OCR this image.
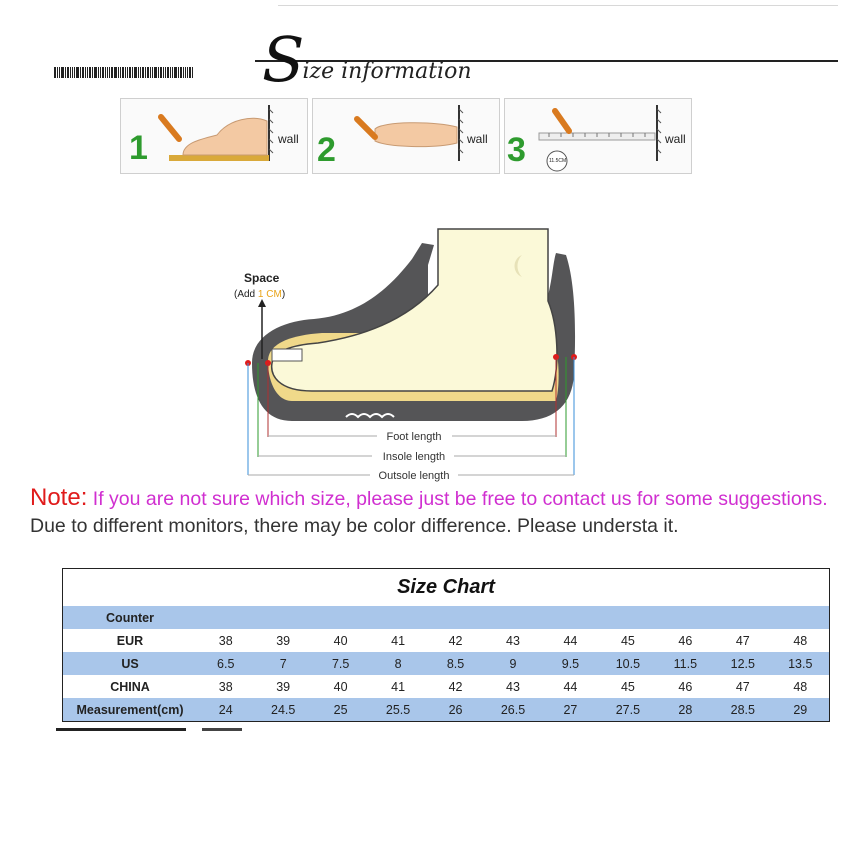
S
ize information
1	wall 2	wall 3	11.5CM
wall
Space
(Add 1 CM)
Foot length
Insole length
Outsole length
Note: If you are not sure which size, please just be free to contact us for some suggestions. Due to different monitors, there may be color difference. Please understa it.
Size Chart
Counter											
EUR	38	39	40	41	42	43	44	45	46	47	48
US	6.5	7	7.5	8	8.5	9	9.5	10.5	11.5	12.5	13.5
CHINA	38	39	40	41	42	43	44	45	46	47	48
Measurement(cm)	24	24.5	25	25.5	26	26.5	27	27.5	28	28.5	29
